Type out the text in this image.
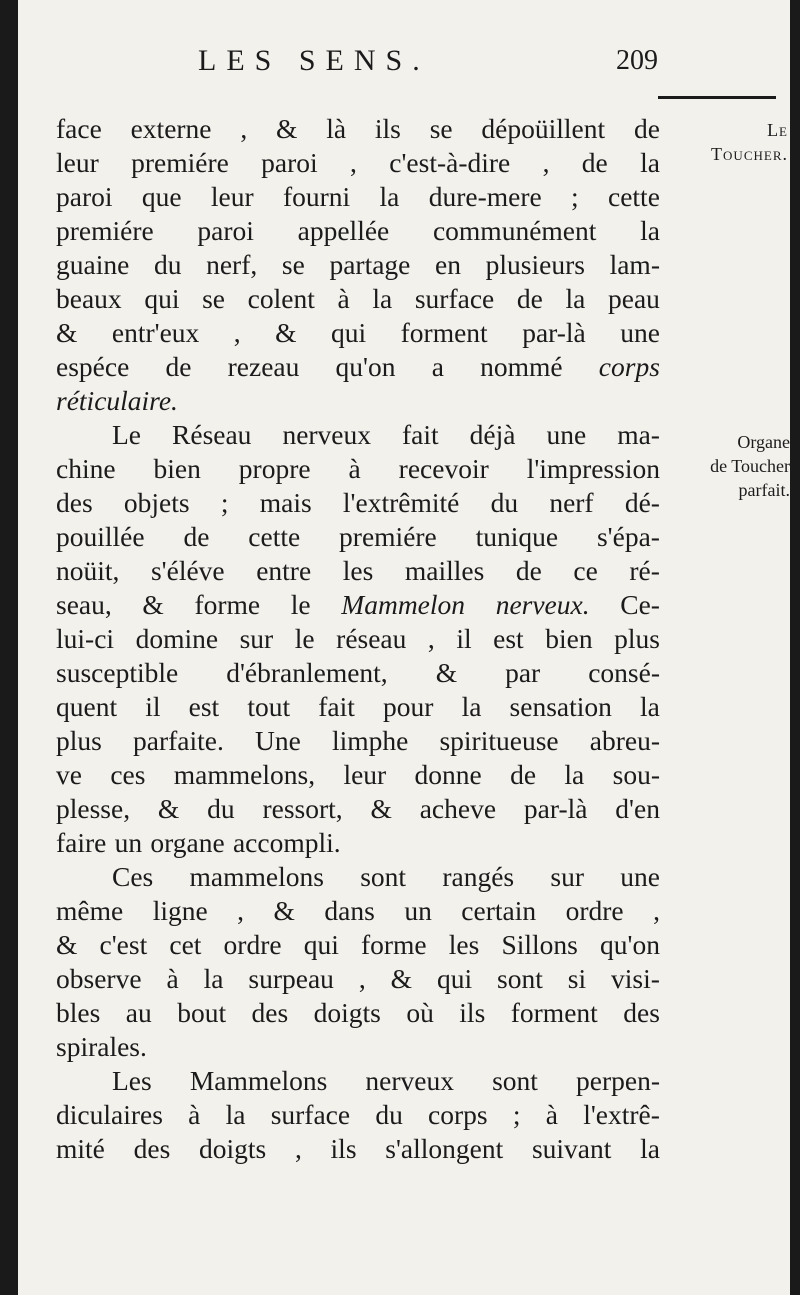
LES SENS.	209
Le
Toucher.
Organe
de Toucher
parfait.
face externe , & là ils se dépoüillent de
leur premiére paroi , c'est-à-dire , de la
paroi que leur fourni la dure-mere ; cette
premiére paroi appellée communément la
guaine du nerf, se partage en plusieurs lam-
beaux qui se colent à la surface de la peau
& entr'eux , & qui forment par-là une
espéce de rezeau qu'on a nommé corps
réticulaire.
Le Réseau nerveux fait déjà une ma-
chine bien propre à recevoir l'impression
des objets ; mais l'extrêmité du nerf dé-
pouillée de cette premiére tunique s'épa-
noüit, s'éléve entre les mailles de ce ré-
seau, & forme le Mammelon nerveux. Ce-
lui-ci domine sur le réseau , il est bien plus
susceptible d'ébranlement, & par consé-
quent il est tout fait pour la sensation la
plus parfaite. Une limphe spiritueuse abreu-
ve ces mammelons, leur donne de la sou-
plesse, & du ressort, & acheve par-là d'en
faire un organe accompli.
Ces mammelons sont rangés sur une
même ligne , & dans un certain ordre ,
& c'est cet ordre qui forme les Sillons qu'on
observe à la surpeau , & qui sont si visi-
bles au bout des doigts où ils forment des
spirales.
Les Mammelons nerveux sont perpen-
diculaires à la surface du corps ; à l'extrê-
mité des doigts , ils s'allongent suivant la
